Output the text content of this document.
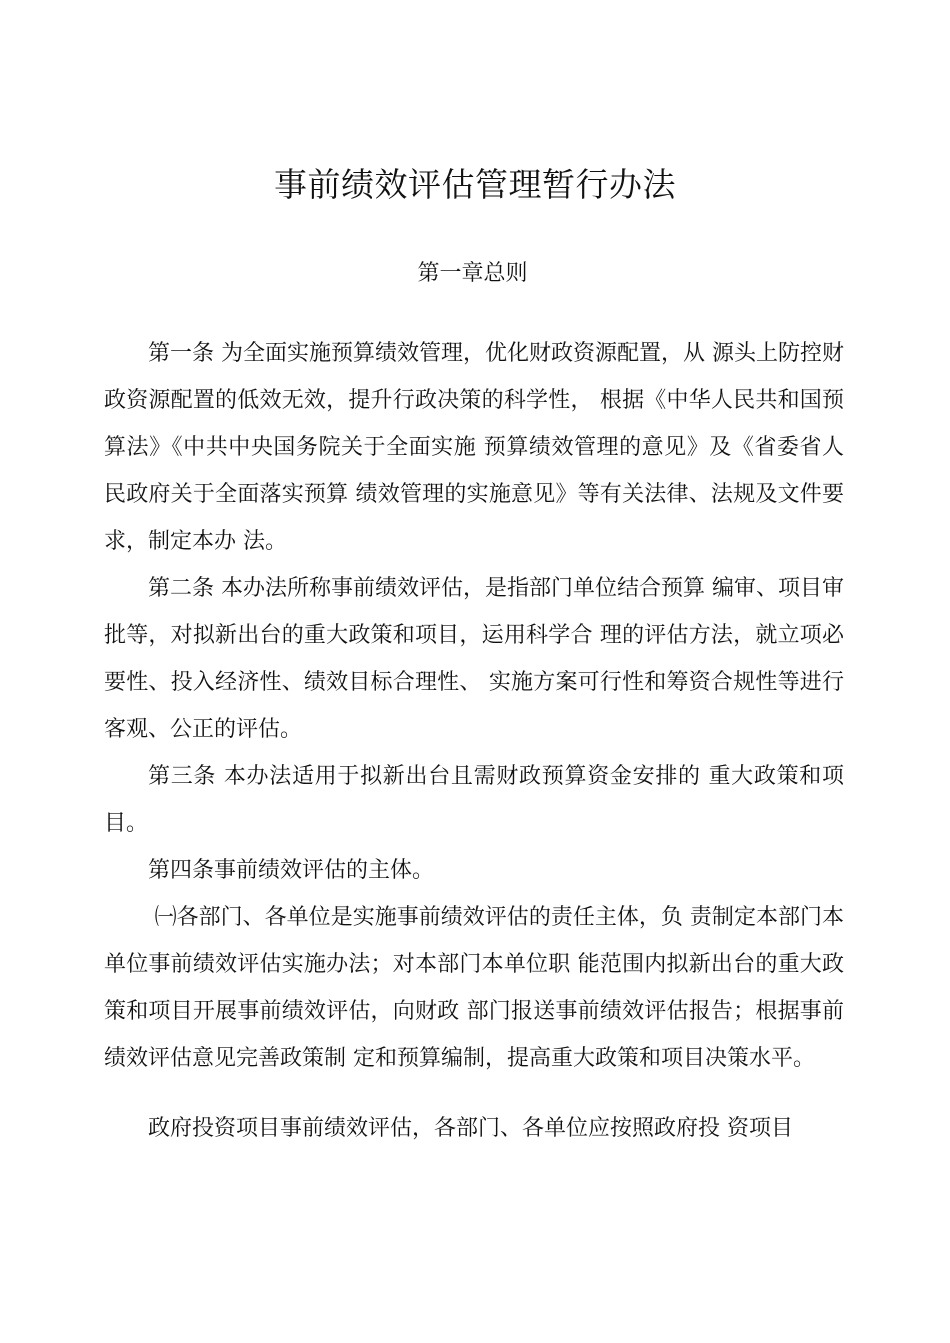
事前绩效评估管理暂行办法
第一章总则

第一条 为全面实施预算绩效管理，优化财政资源配置，从 源头上防控财政资源配置的低效无效，提升行政决策的科学性， 根据《中华人民共和国预算法》《中共中央国务院关于全面实施 预算绩效管理的意见》及《省委省人民政府关于全面落实预算 绩效管理的实施意见》等有关法律、法规及文件要求，制定本办 法。

第二条 本办法所称事前绩效评估，是指部门单位结合预算 编审、项目审批等，对拟新出台的重大政策和项目，运用科学合 理的评估方法，就立项必要性、投入经济性、绩效目标合理性、 实施方案可行性和筹资合规性等进行客观、公正的评估。

第三条 本办法适用于拟新出台且需财政预算资金安排的 重大政策和项目。

第四条事前绩效评估的主体。

㈠各部门、各单位是实施事前绩效评估的责任主体，负 责制定本部门本单位事前绩效评估实施办法；对本部门本单位职 能范围内拟新出台的重大政策和项目开展事前绩效评估，向财政 部门报送事前绩效评估报告；根据事前绩效评估意见完善政策制 定和预算编制，提高重大政策和项目决策水平。

政府投资项目事前绩效评估，各部门、各单位应按照政府投 资项目
